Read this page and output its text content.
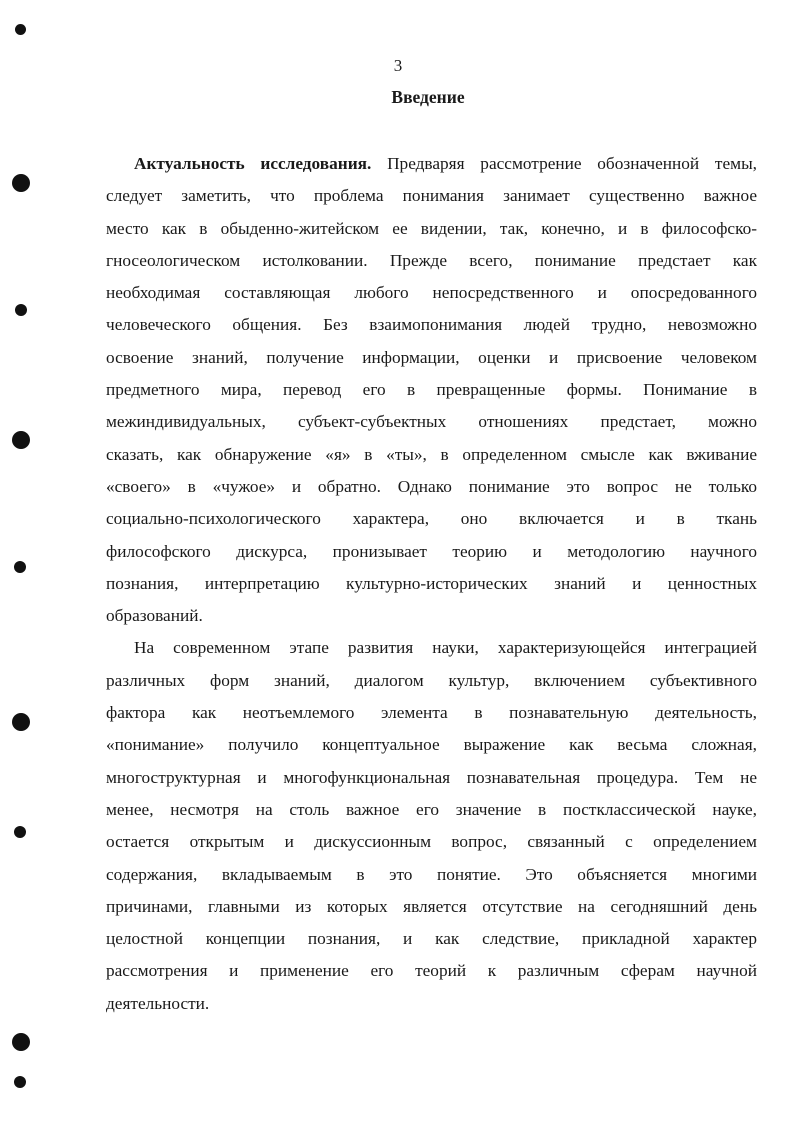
3
Введение
Актуальность исследования. Предваряя рассмотрение обозначенной темы,
следует заметить, что проблема понимания занимает существенно важное
место как в обыденно-житейском ее видении, так, конечно, и в философско-
гносеологическом истолковании. Прежде всего, понимание предстает как
необходимая составляющая любого непосредственного и опосредованного
человеческого общения. Без взаимопонимания людей трудно, невозможно
освоение знаний, получение информации, оценки и присвоение человеком
предметного мира, перевод его в превращенные формы. Понимание в
межиндивидуальных, субъект-субъектных отношениях предстает, можно
сказать, как обнаружение «я» в «ты», в определенном смысле как вживание
«своего» в «чужое» и обратно. Однако понимание это вопрос не только
социально-психологического характера, оно включается и в ткань
философского дискурса, пронизывает теорию и методологию научного
познания, интерпретацию культурно-исторических знаний и ценностных
образований.
На современном этапе развития науки, характеризующейся интеграцией
различных форм знаний, диалогом культур, включением субъективного
фактора как неотъемлемого элемента в познавательную деятельность,
«понимание» получило концептуальное выражение как весьма сложная,
многоструктурная и многофункциональная познавательная процедура. Тем не
менее, несмотря на столь важное его значение в постклассической науке,
остается открытым и дискуссионным вопрос, связанный с определением
содержания, вкладываемым в это понятие. Это объясняется многими
причинами, главными из которых является отсутствие на сегодняшний день
целостной концепции познания, и как следствие, прикладной характер
рассмотрения и применение его теорий к различным сферам научной
деятельности.
